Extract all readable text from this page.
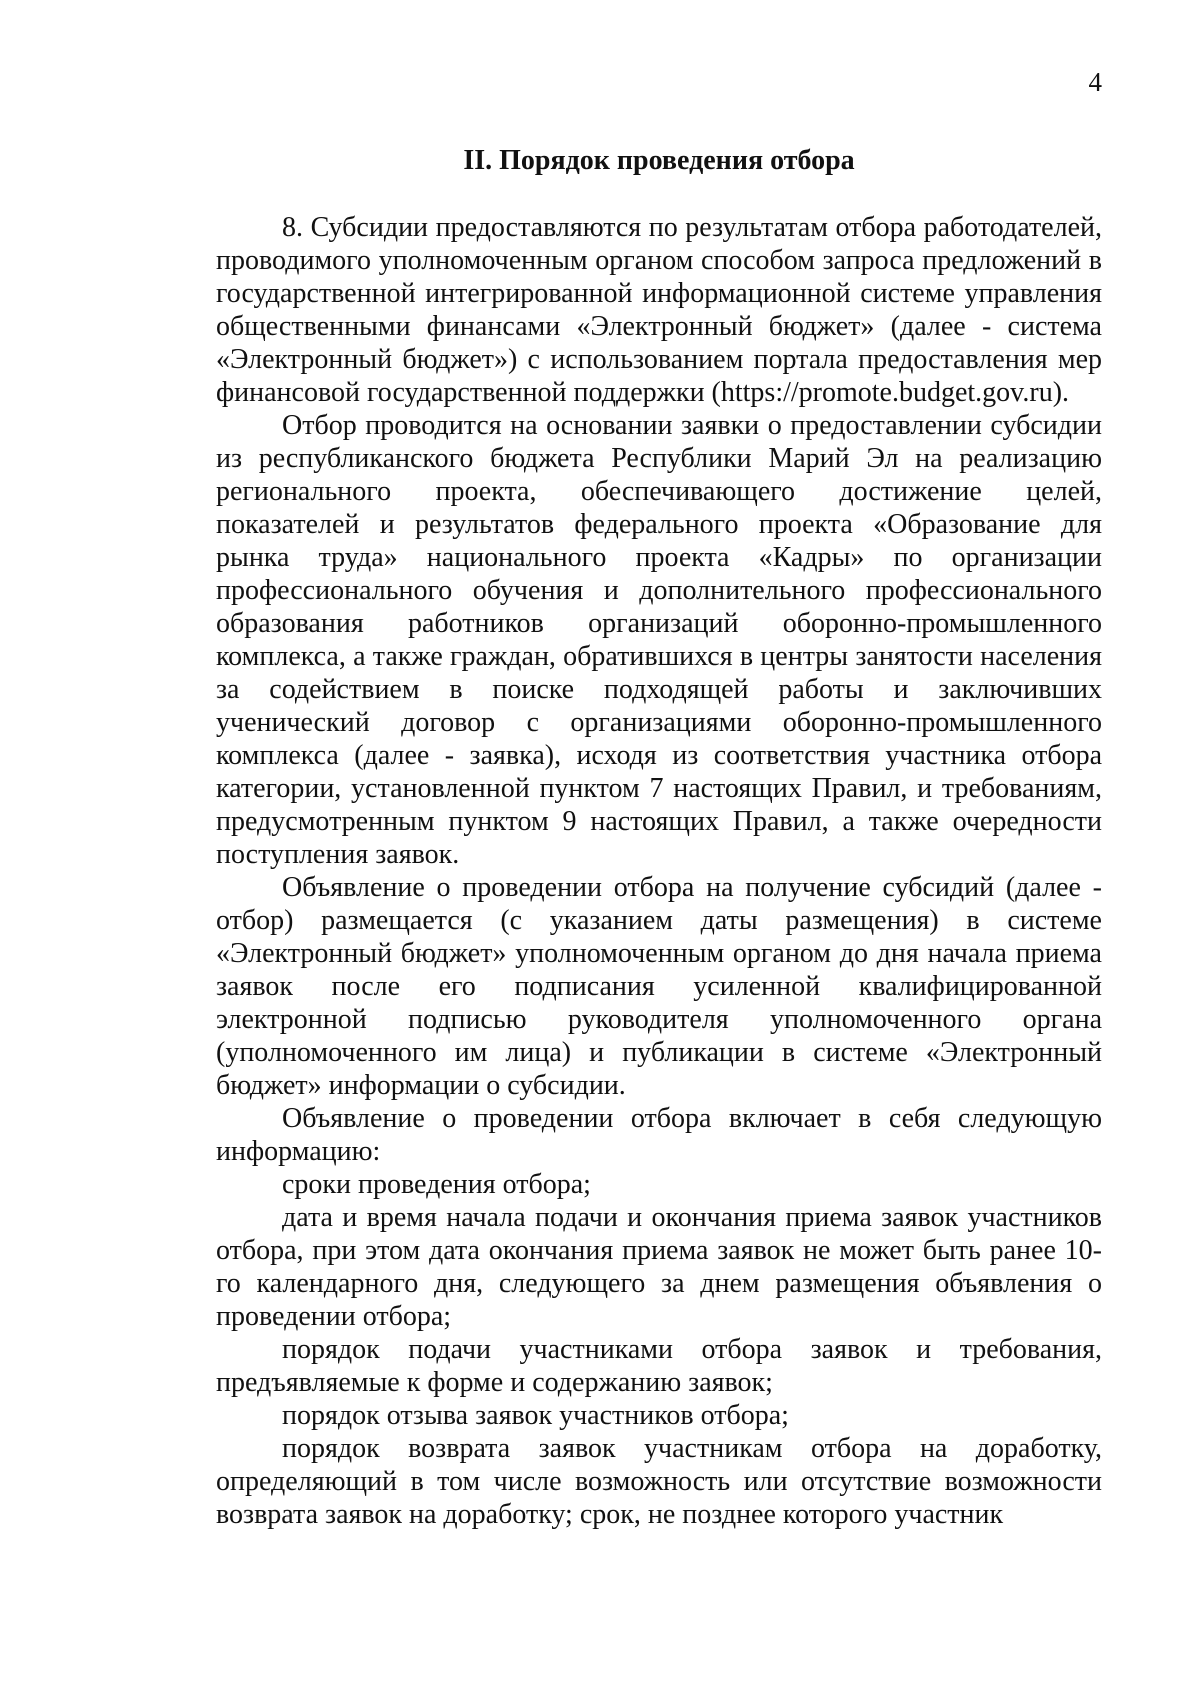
4
II. Порядок проведения отбора

8. Субсидии предоставляются по результатам отбора работодателей, проводимого уполномоченным органом способом запроса предложений в государственной интегрированной информационной системе управления общественными финансами «Электронный бюджет» (далее - система «Электронный бюджет») с использованием портала предоставления мер финансовой государственной поддержки (https://promote.budget.gov.ru).

Отбор проводится на основании заявки о предоставлении субсидии из республиканского бюджета Республики Марий Эл на реализацию регионального проекта, обеспечивающего достижение целей, показателей и результатов федерального проекта «Образование для рынка труда» национального проекта «Кадры» по организации профессионального обучения и дополнительного профессионального образования работников организаций оборонно-промышленного комплекса, а также граждан, обратившихся в центры занятости населения за содействием в поиске подходящей работы и заключивших ученический договор с организациями оборонно-промышленного комплекса (далее - заявка), исходя из соответствия участника отбора категории, установленной пунктом 7 настоящих Правил, и требованиям, предусмотренным пунктом 9 настоящих Правил, а также очередности поступления заявок.

Объявление о проведении отбора на получение субсидий (далее - отбор) размещается (с указанием даты размещения) в системе «Электронный бюджет» уполномоченным органом до дня начала приема заявок после его подписания усиленной квалифицированной электронной подписью руководителя уполномоченного органа (уполномоченного им лица) и публикации в системе «Электронный бюджет» информации о субсидии.

Объявление о проведении отбора включает в себя следующую информацию:

сроки проведения отбора;

дата и время начала подачи и окончания приема заявок участников отбора, при этом дата окончания приема заявок не может быть ранее 10-го календарного дня, следующего за днем размещения объявления о проведении отбора;

порядок подачи участниками отбора заявок и требования, предъявляемые к форме и содержанию заявок;

порядок отзыва заявок участников отбора;

порядок возврата заявок участникам отбора на доработку, определяющий в том числе возможность или отсутствие возможности возврата заявок на доработку; срок, не позднее которого участник
